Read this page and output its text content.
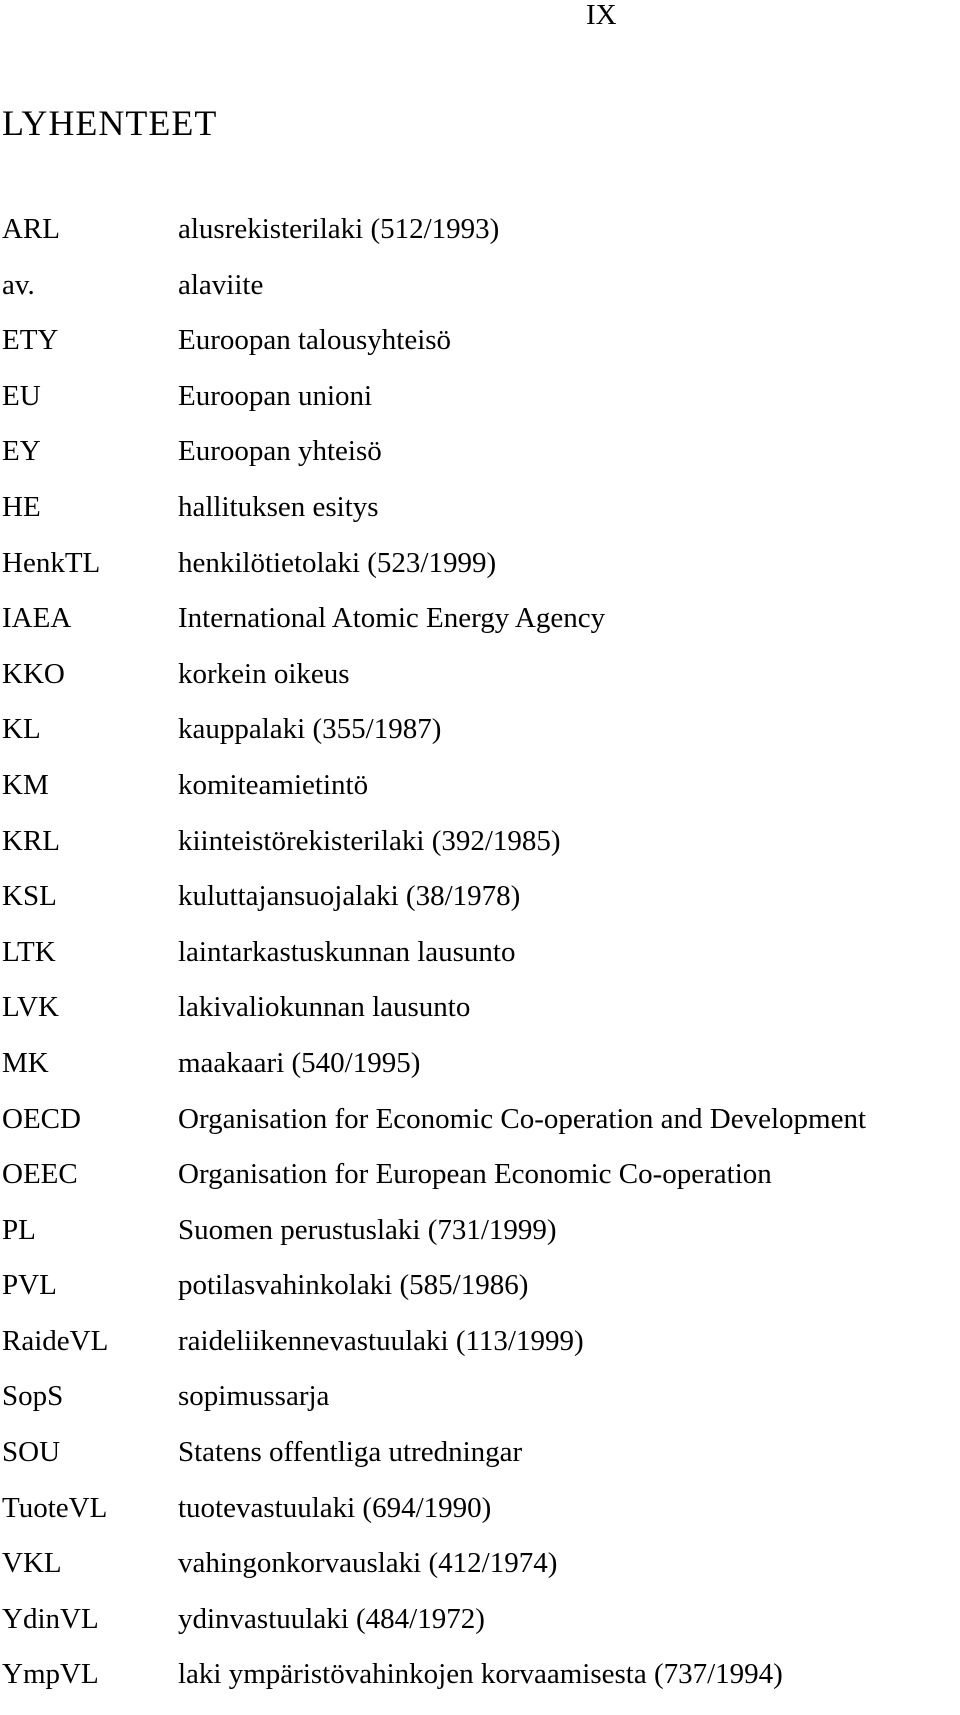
IX
LYHENTEET
ARL	alusrekisterilaki (512/1993)
av.	alaviite
ETY	Euroopan talousyhteisö
EU	Euroopan unioni
EY	Euroopan yhteisö
HE	hallituksen esitys
HenkTL	henkilötietolaki (523/1999)
IAEA	International Atomic Energy Agency
KKO	korkein oikeus
KL	kauppalaki (355/1987)
KM	komiteamietintö
KRL	kiinteistörekisterilaki (392/1985)
KSL	kuluttajansuojalaki (38/1978)
LTK	laintarkastuskunnan lausunto
LVK	lakivaliokunnan lausunto
MK	maakaari (540/1995)
OECD	Organisation for Economic Co-operation and Development
OEEC	Organisation for European Economic Co-operation
PL	Suomen perustuslaki (731/1999)
PVL	potilasvahinkolaki (585/1986)
RaideVL	raideliikennevastuulaki (113/1999)
SopS	sopimussarja
SOU	Statens offentliga utredningar
TuoteVL	tuotevastuulaki (694/1990)
VKL	vahingonkorvauslaki (412/1974)
YdinVL	ydinvastuulaki (484/1972)
YmpVL	laki ympäristövahinkojen korvaamisesta (737/1994)
